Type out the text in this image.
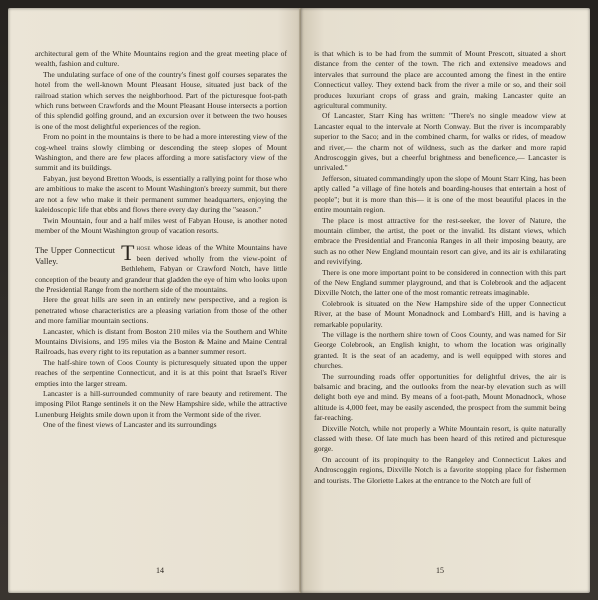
architectural gem of the White Mountains region and the great meeting place of wealth, fashion and culture.

The undulating surface of one of the country's finest golf courses separates the hotel from the well-known Mount Pleasant House, situated just back of the railroad station which serves the neighborhood. Part of the picturesque foot-path which runs between Crawfords and the Mount Pleasant House intersects a portion of this splendid golfing ground, and an excursion over it between the two houses is one of the most delightful experiences of the region.

From no point in the mountains is there to be had a more interesting view of the cog-wheel trains slowly climbing or descending the steep slopes of Mount Washington, and there are few places affording a more satisfactory view of the summit and its buildings.

Fabyan, just beyond Bretton Woods, is essentially a rallying point for those who are ambitious to make the ascent to Mount Washington's breezy summit, but there are not a few who make it their permanent summer headquarters, enjoying the kaleidoscopic life that ebbs and flows there every day during the "season."

Twin Mountain, four and a half miles west of Fabyan House, is another noted member of the Mount Washington group of vacation resorts.

The Upper Connecticut Valley.	T hose whose ideas of the White Mountains have been derived wholly from the view-point of Bethlehem, Fabyan or Crawford Notch, have little conception of the beauty and grandeur that gladden the eye of him who looks upon the Presidential Range from the northern side of the mountains.

Here the great hills are seen in an entirely new perspective, and a region is penetrated whose characteristics are a pleasing variation from those of the other and more familiar mountain sections.

Lancaster, which is distant from Boston 210 miles via the Southern and White Mountains Divisions, and 195 miles via the Boston & Maine and Maine Central Railroads, has every right to its reputation as a banner summer resort.

The half-shire town of Coos County is picturesquely situated upon the upper reaches of the serpentine Connecticut, and it is at this point that Israel's River empties into the larger stream.

Lancaster is a hill-surrounded community of rare beauty and retirement. The imposing Pilot Range sentinels it on the New Hampshire side, while the attractive Lunenburg Heights smile down upon it from the Vermont side of the river.

One of the finest views of Lancaster and its surroundings

14

is that which is to be had from the summit of Mount Prescott, situated a short distance from the center of the town. The rich and extensive meadows and intervales that surround the place are accounted among the finest in the entire Connecticut valley. They extend back from the river a mile or so, and their soil produces luxuriant crops of grass and grain, making Lancaster quite an agricultural community.

Of Lancaster, Starr King has written: "There's no single meadow view at Lancaster equal to the intervale at North Conway. But the river is incomparably superior to the Saco; and in the combined charm, for walks or rides, of meadow and river,— the charm not of wildness, such as the darker and more rapid Androscoggin gives, but a cheerful brightness and beneficence,— Lancaster is unrivaled."

Jefferson, situated commandingly upon the slope of Mount Starr King, has been aptly called "a village of fine hotels and boarding-houses that entertain a host of people"; but it is more than this— it is one of the most beautiful places in the entire mountain region.

The place is most attractive for the rest-seeker, the lover of Nature, the mountain climber, the artist, the poet or the invalid. Its distant views, which embrace the Presidential and Franconia Ranges in all their imposing beauty, are such as no other New England mountain resort can give, and its air is exhilarating and revivifying.

There is one more important point to be considered in connection with this part of the New England summer playground, and that is Colebrook and the adjacent Dixville Notch, the latter one of the most romantic retreats imaginable.

Colebrook is situated on the New Hampshire side of the upper Connecticut River, at the base of Mount Monadnock and Lombard's Hill, and is having a remarkable popularity.

The village is the northern shire town of Coos County, and was named for Sir George Colebrook, an English knight, to whom the location was originally granted. It is the seat of an academy, and is well equipped with stores and churches.

The surrounding roads offer opportunities for delightful drives, the air is balsamic and bracing, and the outlooks from the near-by elevation such as will delight both eye and mind. By means of a foot-path, Mount Monadnock, whose altitude is 4,000 feet, may be easily ascended, the prospect from the summit being far-reaching.

Dixville Notch, while not properly a White Mountain resort, is quite naturally classed with these. Of late much has been heard of this retired and picturesque gorge.

On account of its propinquity to the Rangeley and Connecticut Lakes and Androscoggin regions, Dixville Notch is a favorite stopping place for fishermen and tourists. The Gloriette Lakes at the entrance to the Notch are full of

15
